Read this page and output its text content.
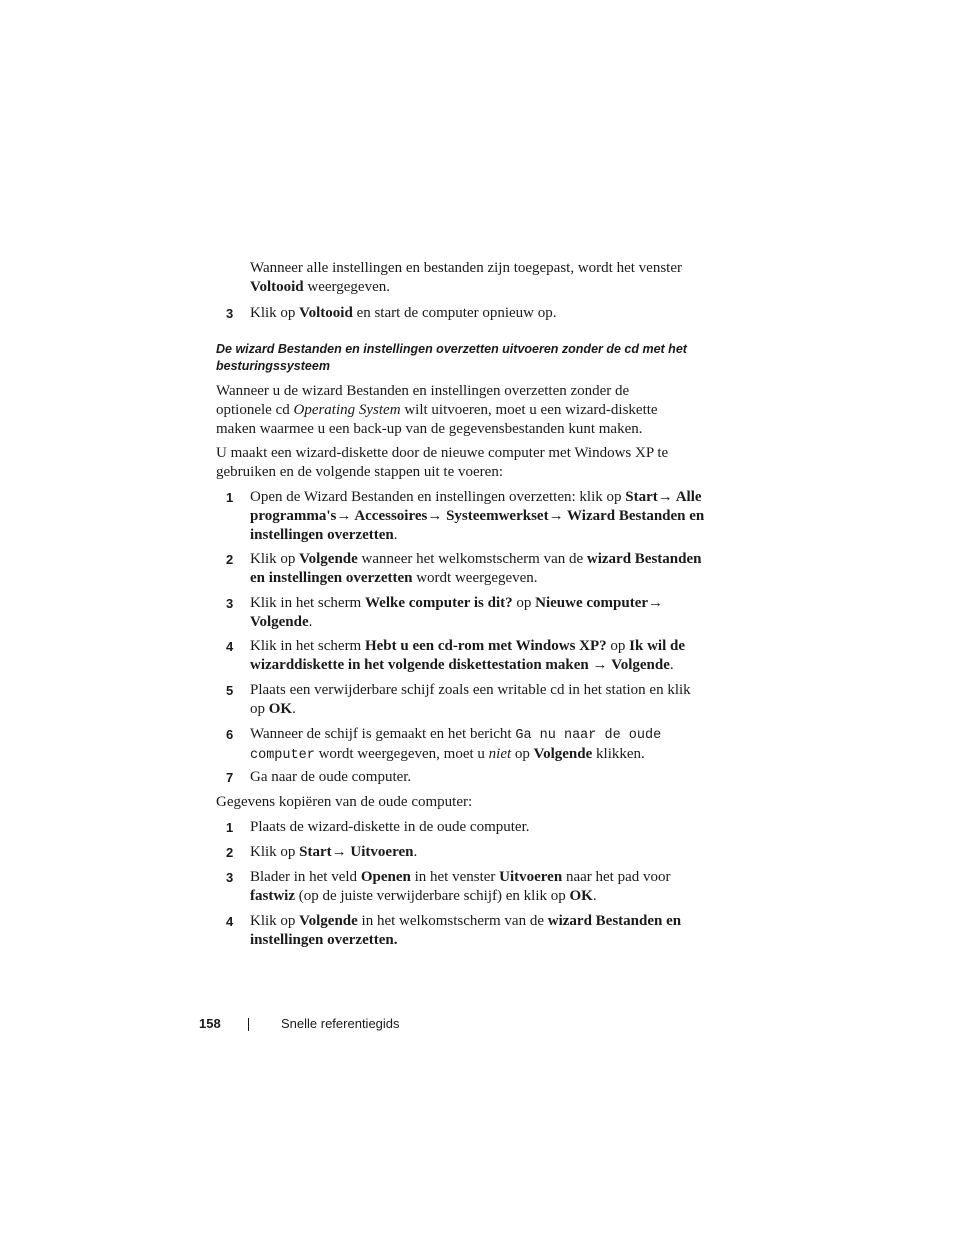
Wanneer alle instellingen en bestanden zijn toegepast, wordt het venster
Voltooid weergegeven.

3 Klik op Voltooid en start de computer opnieuw op.

De wizard Bestanden en instellingen overzetten uitvoeren zonder de cd met het
besturingssysteem

Wanneer u de wizard Bestanden en instellingen overzetten zonder de
optionele cd Operating System wilt uitvoeren, moet u een wizard-diskette
maken waarmee u een back-up van de gegevensbestanden kunt maken.

U maakt een wizard-diskette door de nieuwe computer met Windows XP te
gebruiken en de volgende stappen uit te voeren:

1 Open de Wizard Bestanden en instellingen overzetten: klik op Start→ Alle
programma's→ Accessoires→ Systeemwerkset→ Wizard Bestanden en
instellingen overzetten.

2 Klik op Volgende wanneer het welkomstscherm van de wizard Bestanden
en instellingen overzetten wordt weergegeven.

3 Klik in het scherm Welke computer is dit? op Nieuwe computer→
Volgende.

4 Klik in het scherm Hebt u een cd-rom met Windows XP? op Ik wil de
wizarddiskette in het volgende diskettestation maken → Volgende.

5 Plaats een verwijderbare schijf zoals een writable cd in het station en klik
op OK.

6 Wanneer de schijf is gemaakt en het bericht Ga nu naar de oude
computer wordt weergegeven, moet u niet op Volgende klikken.

7 Ga naar de oude computer.

Gegevens kopiëren van de oude computer:

1 Plaats de wizard-diskette in de oude computer.

2 Klik op Start→ Uitvoeren.

3 Blader in het veld Openen in het venster Uitvoeren naar het pad voor
fastwiz (op de juiste verwijderbare schijf) en klik op OK.

4 Klik op Volgende in het welkomstscherm van de wizard Bestanden en
instellingen overzetten.

158	Snelle referentiegids
